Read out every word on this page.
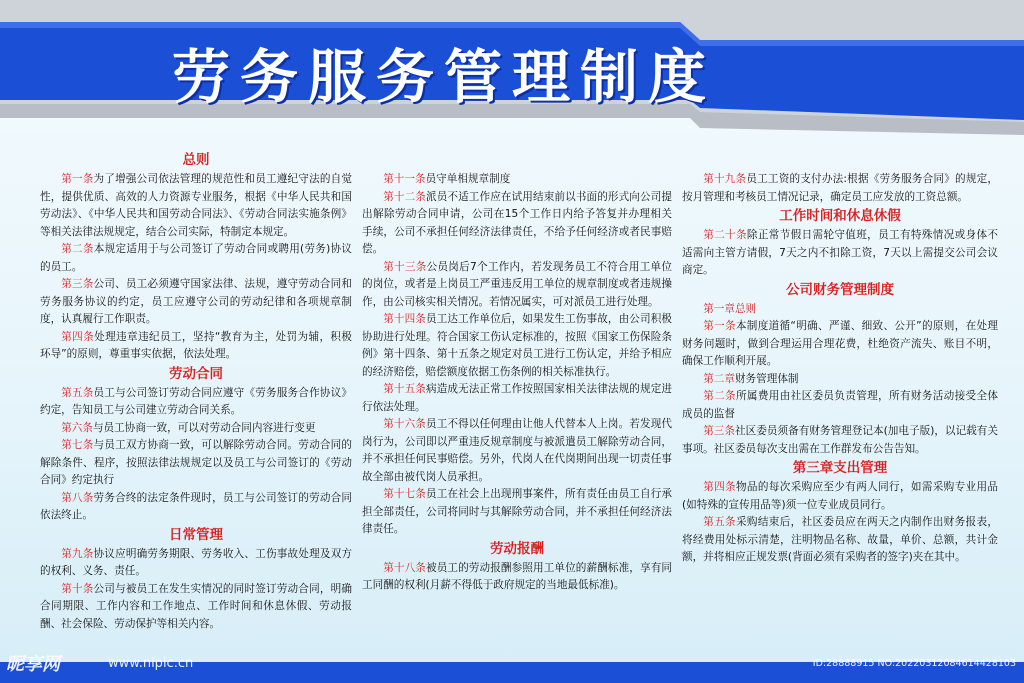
劳务服务管理制度
总则
第一条为了增强公司依法管理的规范性和员工遵纪守法的自觉性，提供优质、高效的人力资源专业服务，根据《中华人民共和国劳动法》、《中华人民共和国劳动合同法》、《劳动合同法实施条例》等相关法律法规规定，结合公司实际，特制定本规定。
第二条本规定适用于与公司签订了劳动合同或聘用(劳务)协议的员工。
第三条公司、员工必须遵守国家法律、法规，遵守劳动合同和劳务服务协议的约定，员工应遵守公司的劳动纪律和各项规章制度，认真履行工作职责。
第四条处理违章违纪员工，坚持“教育为主，处罚为辅，积极环导”的原则，尊重事实依据，依法处理。
劳动合同
第五条员工与公司签订劳动合同应遵守《劳务服务合作协议》约定，告知员工与公司建立劳动合同关系。
第六条与员工协商一致，可以对劳动合同内容进行变更
第七条与员工双方协商一致，可以解除劳动合同。劳动合同的解除条件、程序，按照法律法规规定以及员工与公司签订的《劳动合同》约定执行
第八条劳务合终的法定条件现时，员工与公司签订的劳动合同依法终止。
日常管理
第九条协议应明确劳务期限、劳务收入、工伤事故处理及双方的权利、义务、责任。
第十条公司与被员工在发生实情况的同时签订劳动合同，明确合同期限、工作内容和工作地点、工作时间和休息休假、劳动报酬、社会保险、劳动保护等相关内容。
第十一条员守单相规章制度
第十二条派员不适工作应在试用结束前以书面的形式向公司提出解除劳动合同申请，公司在15个工作日内给予答复并办理相关手续，公司不承担任何经济法律责任，不给予任何经济或者民事赔偿。
第十三条公员岗后7个工作内，若发现务员工不符合用工单位的岗位，或者是上岗员工严重违反用工单位的规章制度或者违规操作，由公司核实相关情况。若情况属实，可对派员工进行处理。
第十四条员工达工作单位后，如果发生工伤事故，由公司积极协助进行处理。符合国家工伤认定标准的，按照《国家工伤保险条例》第十四条、第十五条之规定对员工进行工伤认定，并给予相应的经济赔偿，赔偿额度依据工伤条例的相关标准执行。
第十五条病造成无法正常工作按照国家相关法律法规的规定进行依法处理。
第十六条员工不得以任何理由让他人代替本人上岗。若发现代岗行为，公司即以严重违反规章制度与被派遣员工解除劳动合同，并不承担任何民事赔偿。另外，代岗人在代岗期间出现一切责任事故全部由被代岗人员承担。
第十七条员工在社会上出现刑事案件，所有责任由员工自行承担全部责任，公司将同时与其解除劳动合同，并不承担任何经济法律责任。
劳动报酬
第十八条被员工的劳动报酬参照用工单位的薪酬标准，享有同工同酬的权利(月薪不得低于政府规定的当地最低标准)。
第十九条员工工资的支付办法:根据《劳务服务合同》的规定，按月管理和考核员工情况记录，确定员工应发放的工资总额。
工作时间和休息休假
第二十条除正常节假日需轮守值班，员工有特殊情况或身体不适需向主管方请假，7天之内不扣除工资，7天以上需提交公司会议商定。
公司财务管理制度
第一章总则
第一条本制度道循“明确、严谨、细致、公开”的原则，在处理财务问题时，做到合理运用合理花费，杜绝资产流失、账目不明，确保工作顺利开展。
第二章财务管理体制
第二条所属费用由社区委员负责管理，所有财务活动接受全体成员的监督
第三条社区委员须备有财务管理登记本(加电子版)，以记载有关事项。社区委员每次支出需在工作群发布公告告知。
第三章支出管理
第四条物品的每次采购应至少有两人同行，如需采购专业用品(如特殊的宣传用品等)须一位专业成员同行。
第五条采购结束后，社区委员应在两天之内制作出财务报表，将经费用处标示清楚，注明物品名称、故量，单价、总额，共计金额，并将相应正规发票(背面必须有采购者的签字)夹在其中。
昵享网	www.nipic.cn	ID:28888915 NO:20220312084614428103
